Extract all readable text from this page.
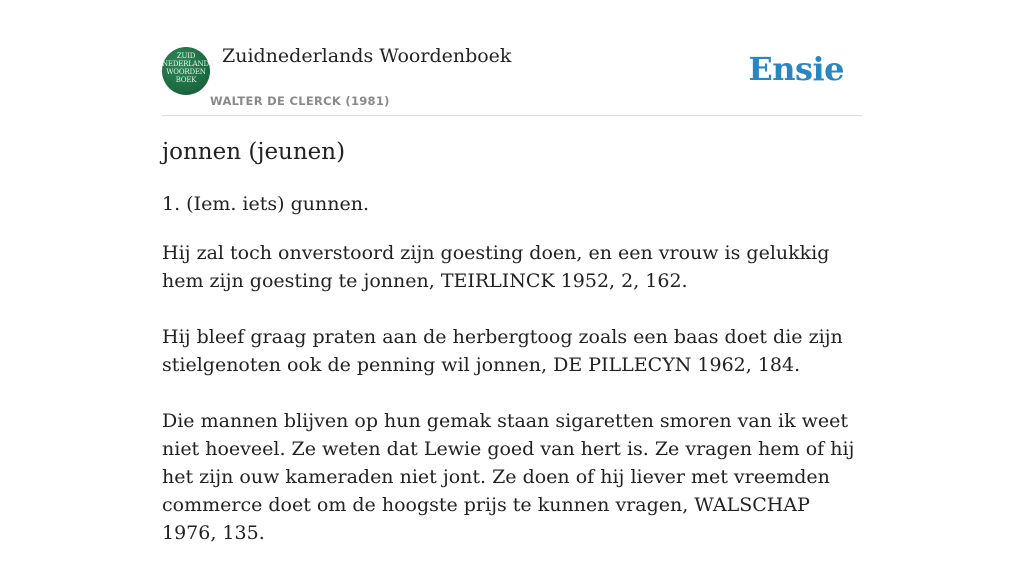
ZUID NEDERLANDS WOORDEN BOEK
Zuidnederlands Woordenboek
WALTER DE CLERCK (1981)
Ensie
jonnen (jeunen)
1. (Iem. iets) gunnen.

Hij zal toch onverstoord zijn goesting doen, en een vrouw is gelukkig hem zijn goesting te jonnen, TEIRLINCK 1952, 2, 162.

Hij bleef graag praten aan de herbergtoog zoals een baas doet die zijn stielgenoten ook de penning wil jonnen, DE PILLECYN 1962, 184.

Die mannen blijven op hun gemak staan sigaretten smoren van ik weet niet hoeveel. Ze weten dat Lewie goed van hert is. Ze vragen hem of hij het zijn ouw kameraden niet jont. Ze doen of hij liever met vreemden commerce doet om de hoogste prijs te kunnen vragen, WALSCHAP 1976, 135.
